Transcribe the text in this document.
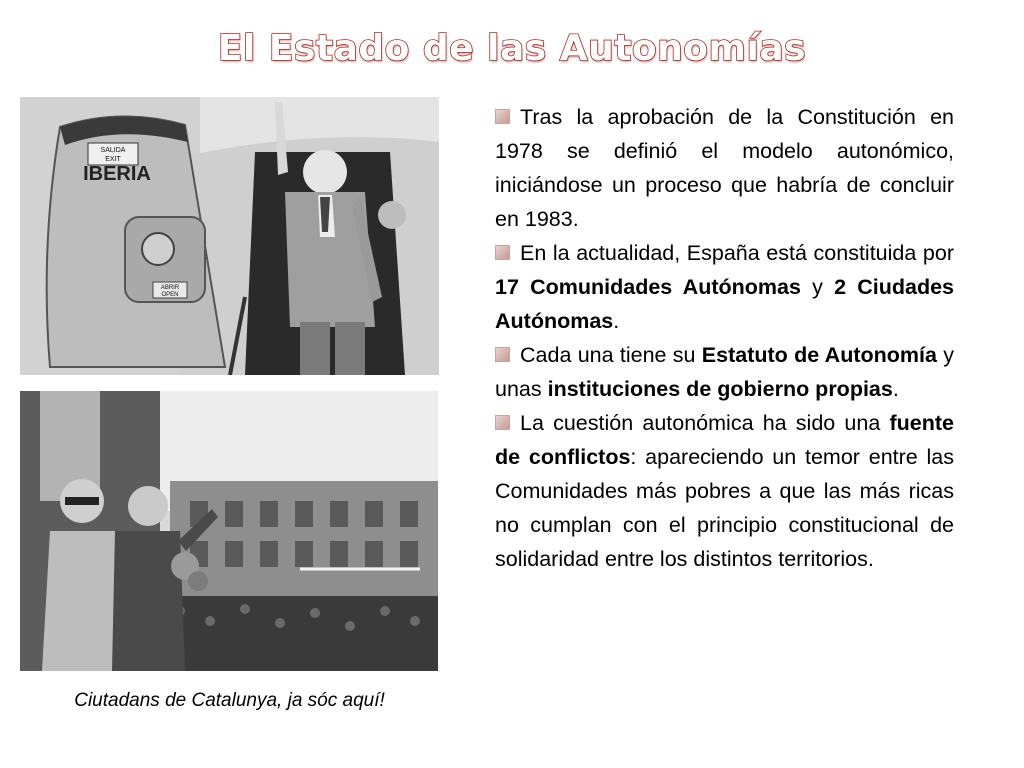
El Estado de las Autonomías
SALIDA
EXIT
IBERIA
ABRIR
OPEN
Ciutadans de Catalunya, ja sóc aquí!
Tras la aprobación de la Constitución en 1978 se definió el modelo autonómico, iniciándose un proceso que habría de concluir en 1983.
En la actualidad, España está constituida por 17 Comunidades Autónomas y 2 Ciudades Autónomas.
Cada una tiene su Estatuto de Autonomía y unas instituciones de gobierno propias.
La cuestión autonómica ha sido una fuente de conflictos: apareciendo un temor entre las Comunidades más pobres a que las más ricas no cumplan con el principio constitucional de solidaridad entre los distintos territorios.
